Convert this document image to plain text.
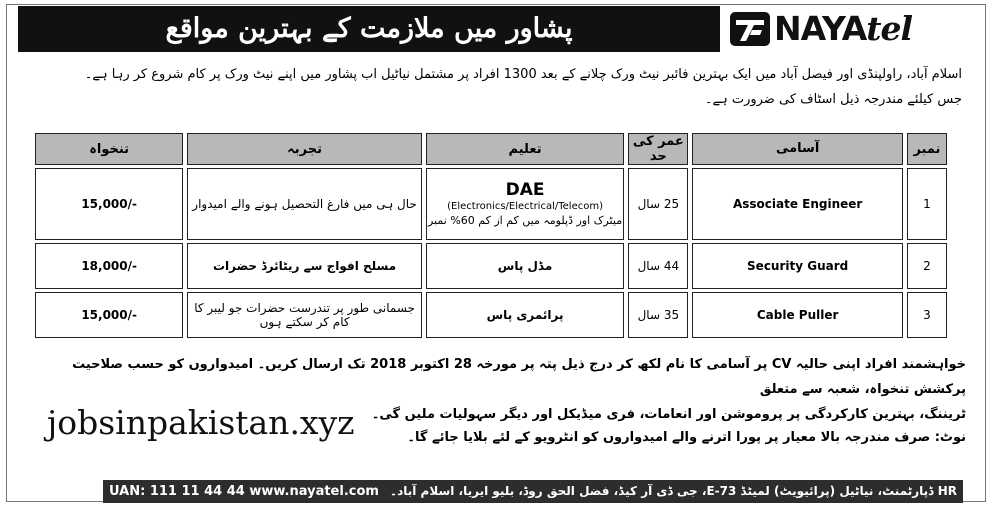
پشاور میں ملازمت کے بہترین مواقع	NAYAtel
اسلام آباد، راولپنڈی اور فیصل آباد میں ایک بہترین فائبر نیٹ ورک چلانے کے بعد 1300 افراد پر مشتمل نیاٹیل اب پشاور میں اپنے نیٹ ورک پر کام شروع کر رہا ہے۔
جس کیلئے مندرجہ ذیل اسٹاف کی ضرورت ہے۔
تنخواہ	تجربہ	تعلیم	عمر کی حد	آسامی	نمبر
15,000/-	حال ہی میں فارغ التحصیل ہونے والے امیدوار	DAE
(Electronics/Electrical/Telecom)
میٹرک اور ڈپلومہ میں کم از کم 60% نمبر	25 سال	Associate Engineer	1
18,000/-	مسلح افواج سے ریٹائرڈ حضرات	مڈل پاس	44 سال	Security Guard	2
15,000/-	جسمانی طور پر تندرست حضرات جو لیبر کا کام کر سکتے ہوں	پرائمری پاس	35 سال	Cable Puller	3
خواہشمند افراد اپنی حالیہ CV پر آسامی کا نام لکھ کر درج ذیل پتہ پر مورخہ 28 اکتوبر 2018 تک ارسال کریں۔ امیدواروں کو حسب صلاحیت پرکشش تنخواہ، شعبہ سے متعلق
ٹریننگ، بہترین کارکردگی پر پروموشن اور انعامات، فری میڈیکل اور دیگر سہولیات ملیں گی۔
نوٹ: صرف مندرجہ بالا معیار پر پورا اترنے والے امیدواروں کو انٹرویو کے لئے بلایا جائے گا۔
jobsinpakistan.xyz
UAN: 111 11 44 44 www.nayatel.com HR ڈپارٹمنٹ، نیاٹیل (پرائیویٹ) لمیٹڈ E-73، جی ڈی آر کیڈ، فضل الحق روڈ، بلیو ایریا، اسلام آباد۔
